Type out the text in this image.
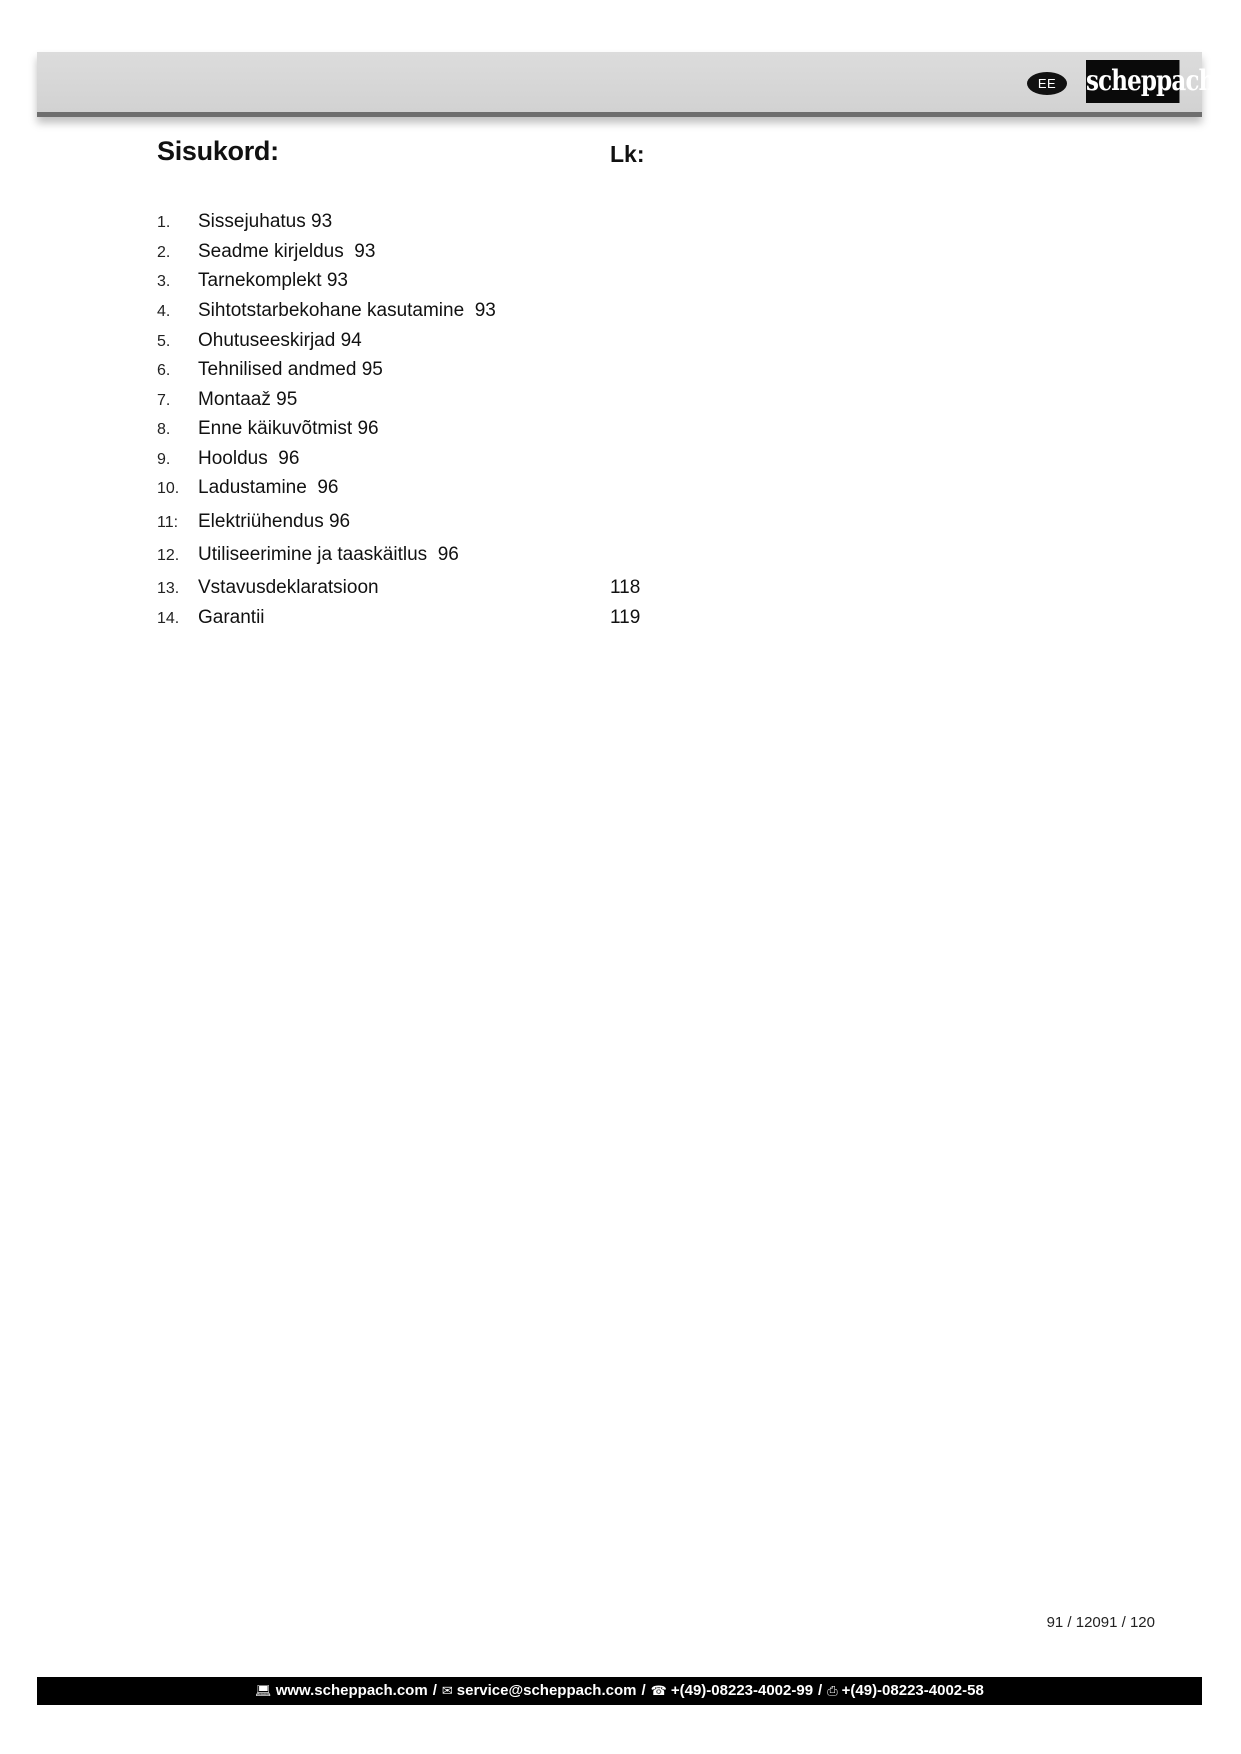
EE	scheppach
Sisukord:	Lk:
1. Sissejuhatus 93
2. Seadme kirjeldus  93
3. Tarnekomplekt 93
4. Sihtotstarbekohane kasutamine  93
5. Ohutuseeskirjad 94
6. Tehnilised andmed 95
7. Montaaž 95
8. Enne käikuvõtmist 96
9. Hooldus  96
10. Ladustamine  96
11: Elektriühendus 96
12. Utiliseerimine ja taaskäitlus  96
13. Vstavusdeklaratsioon	118
14. Garantii	119
91 / 12091 / 120
💻︎ www.scheppach.com / ✉︎ service@scheppach.com / ☎︎ +(49)-08223-4002-99 / ⎙ +(49)-08223-4002-58
